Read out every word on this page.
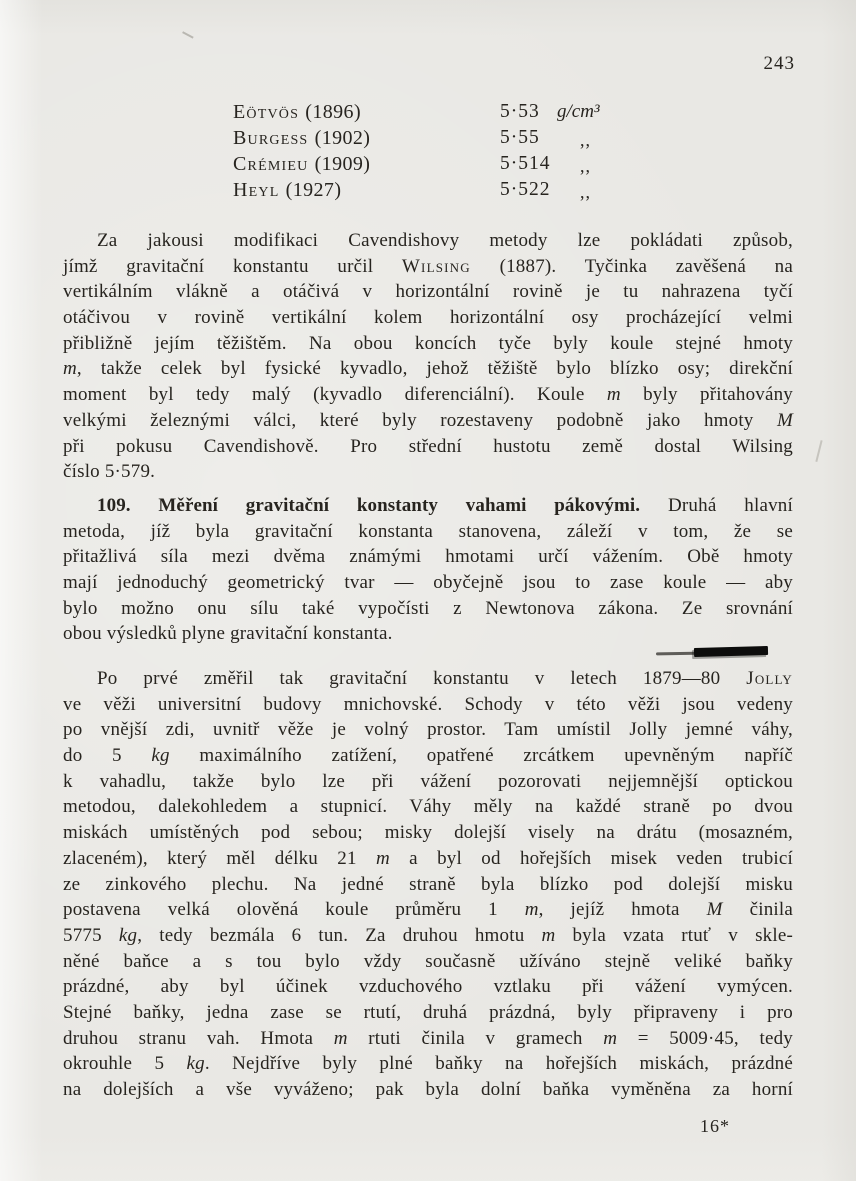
243
Eötvös (1896)	5·53 g/cm³
Burgess (1902)	5·55 ,,
Crémieu (1909)	5·514 ,,
Heyl (1927)	5·522 ,,
Za jakousi modifikaci Cavendishovy metody lze pokládati způsob,
jímž gravitační konstantu určil Wilsing (1887). Tyčinka zavěšená na
vertikálním vlákně a otáčivá v horizontální rovině je tu nahrazena tyčí
otáčivou v rovině vertikální kolem horizontální osy procházející velmi
přibližně jejím těžištěm. Na obou koncích tyče byly koule stejné hmoty
m, takže celek byl fysické kyvadlo, jehož těžiště bylo blízko osy; direkční
moment byl tedy malý (kyvadlo diferenciální). Koule m byly přitahovány
velkými železnými válci, které byly rozestaveny podobně jako hmoty M
při pokusu Cavendishově. Pro střední hustotu země dostal Wilsing
číslo 5·579.
109. Měření gravitační konstanty vahami pákovými. Druhá hlavní
metoda, jíž byla gravitační konstanta stanovena, záleží v tom, že se
přitažlivá síla mezi dvěma známými hmotami určí vážením. Obě hmoty
mají jednoduchý geometrický tvar — obyčejně jsou to zase koule — aby
bylo možno onu sílu také vypočísti z Newtonova zákona. Ze srovnání
obou výsledků plyne gravitační konstanta.
Po prvé změřil tak gravitační konstantu v letech 1879—80 Jolly
ve věži universitní budovy mnichovské. Schody v této věži jsou vedeny
po vnější zdi, uvnitř věže je volný prostor. Tam umístil Jolly jemné váhy,
do 5 kg maximálního zatížení, opatřené zrcátkem upevněným napříč
k vahadlu, takže bylo lze při vážení pozorovati nejjemnější optickou
metodou, dalekohledem a stupnicí. Váhy měly na každé straně po dvou
miskách umístěných pod sebou; misky dolejší visely na drátu (mosazném,
zlaceném), který měl délku 21 m a byl od hořejších misek veden trubicí
ze zinkového plechu. Na jedné straně byla blízko pod dolejší misku
postavena velká olověná koule průměru 1 m, jejíž hmota M činila
5775 kg, tedy bezmála 6 tun. Za druhou hmotu m byla vzata rtuť v skle-
něné baňce a s tou bylo vždy současně užíváno stejně veliké baňky
prázdné, aby byl účinek vzduchového vztlaku při vážení vymýcen.
Stejné baňky, jedna zase se rtutí, druhá prázdná, byly připraveny i pro
druhou stranu vah. Hmota m rtuti činila v gramech m = 5009·45, tedy
okrouhle 5 kg. Nejdříve byly plné baňky na hořejších miskách, prázdné
na dolejších a vše vyváženo; pak byla dolní baňka vyměněna za horní
16*
